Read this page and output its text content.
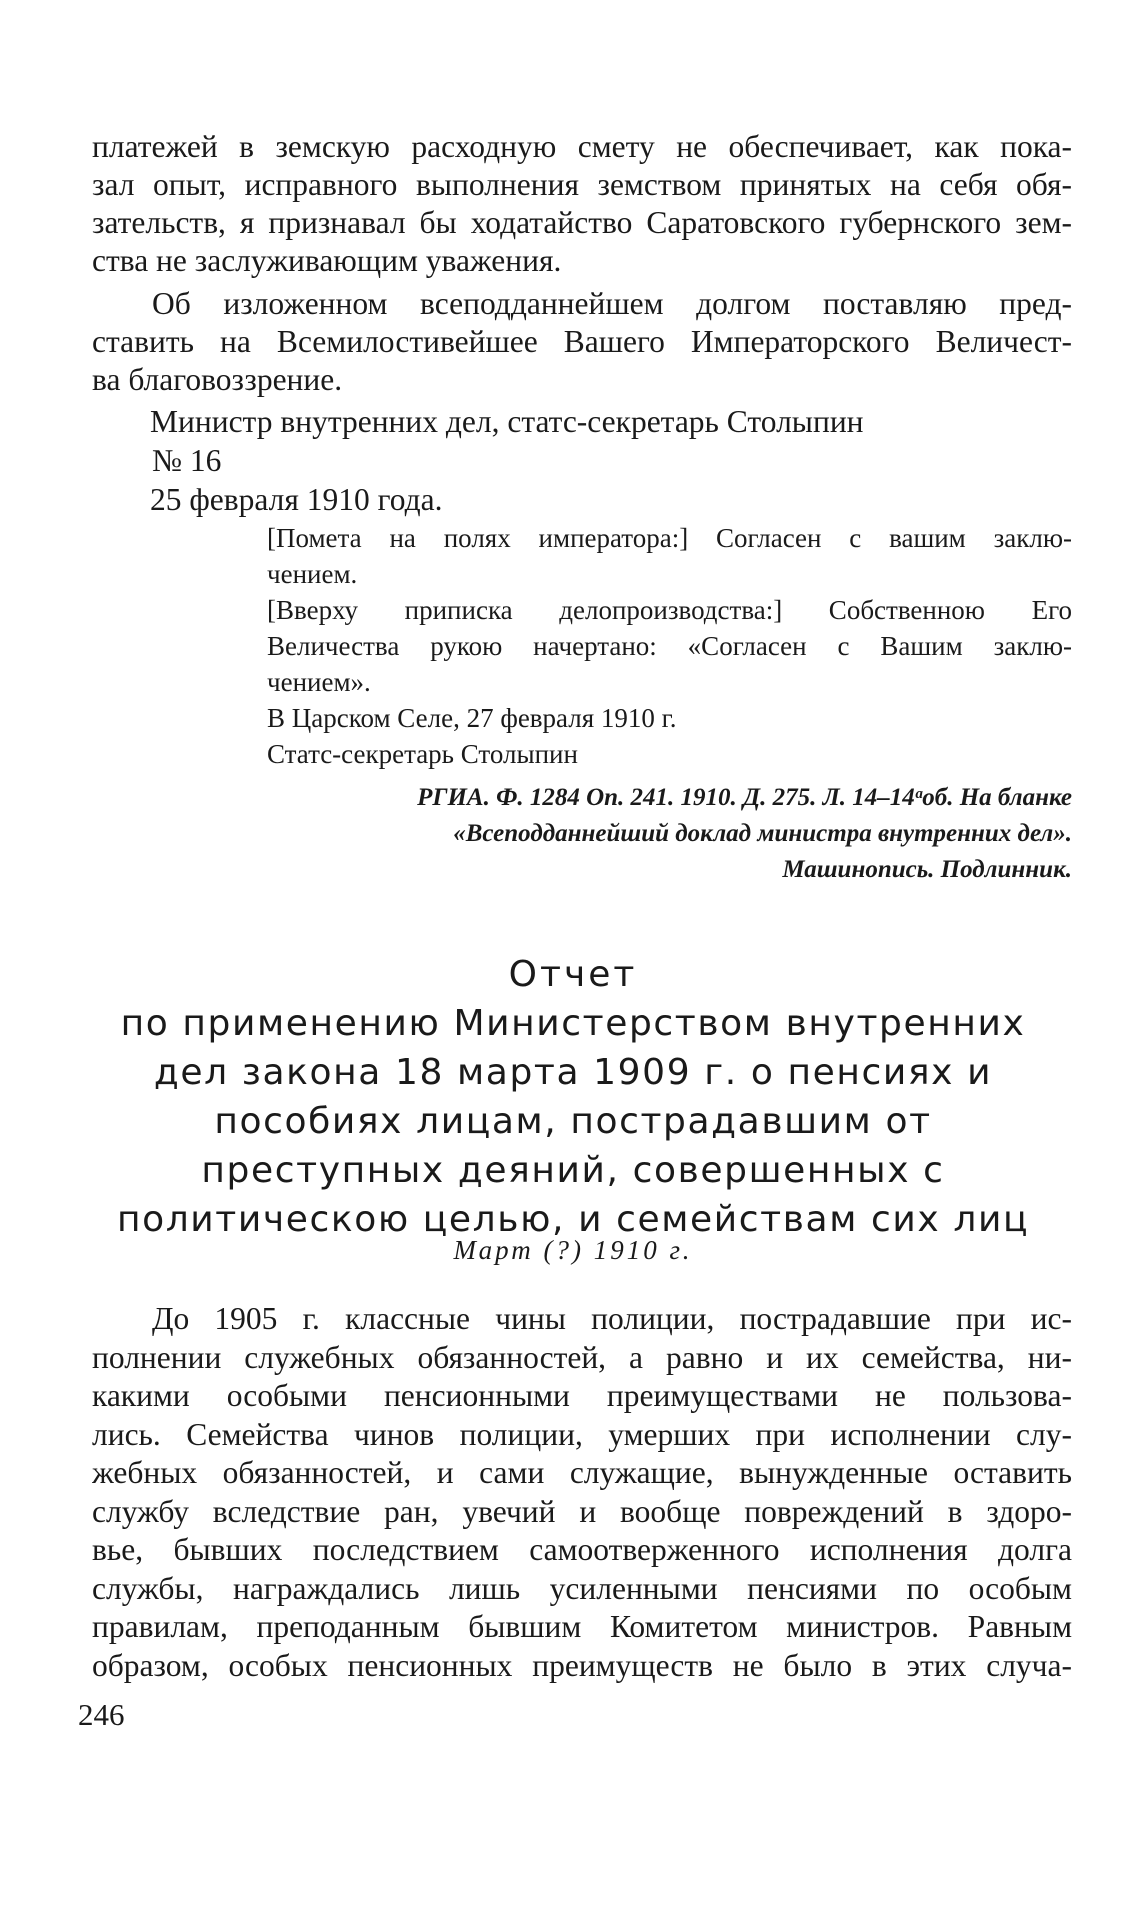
платежей в земскую расходную смету не обеспечивает, как пока-
зал опыт, исправного выполнения земством принятых на себя обя-
зательств, я признавал бы ходатайство Саратовского губернского зем-
ства не заслуживающим уважения.
Об изложенном всеподданнейшем долгом поставляю пред-
ставить на Всемилостивейшее Вашего Императорского Величест-
ва благовоззрение.
Министр внутренних дел, статс-секретарь Столыпин
№ 16
25 февраля 1910 года.
[Помета на полях императора:] Согласен с вашим заклю-
чением.
[Вверху приписка делопроизводства:] Собственною Его
Величества рукою начертано: «Согласен с Вашим заклю-
чением».
В Царском Селе, 27 февраля 1910 г.
Статс-секретарь Столыпин
РГИА. Ф. 1284 Оп. 241. 1910. Д. 275. Л. 14–14ᵃоб. На бланке
«Всеподданнейший доклад министра внутренних дел».
Машинопись. Подлинник.
Отчет
по применению Министерством внутренних
дел закона 18 марта 1909 г. о пенсиях и
пособиях лицам, пострадавшим от
преступных деяний, совершенных с
политическою целью, и семействам сих лиц
Март (?) 1910 г.
До 1905 г. классные чины полиции, пострадавшие при ис-
полнении служебных обязанностей, а равно и их семейства, ни-
какими особыми пенсионными преимуществами не пользова-
лись. Семейства чинов полиции, умерших при исполнении слу-
жебных обязанностей, и сами служащие, вынужденные оставить
службу вследствие ран, увечий и вообще повреждений в здоро-
вье, бывших последствием самоотверженного исполнения долга
службы, награждались лишь усиленными пенсиями по особым
правилам, преподанным бывшим Комитетом министров. Равным
образом, особых пенсионных преимуществ не было в этих случа-
246
